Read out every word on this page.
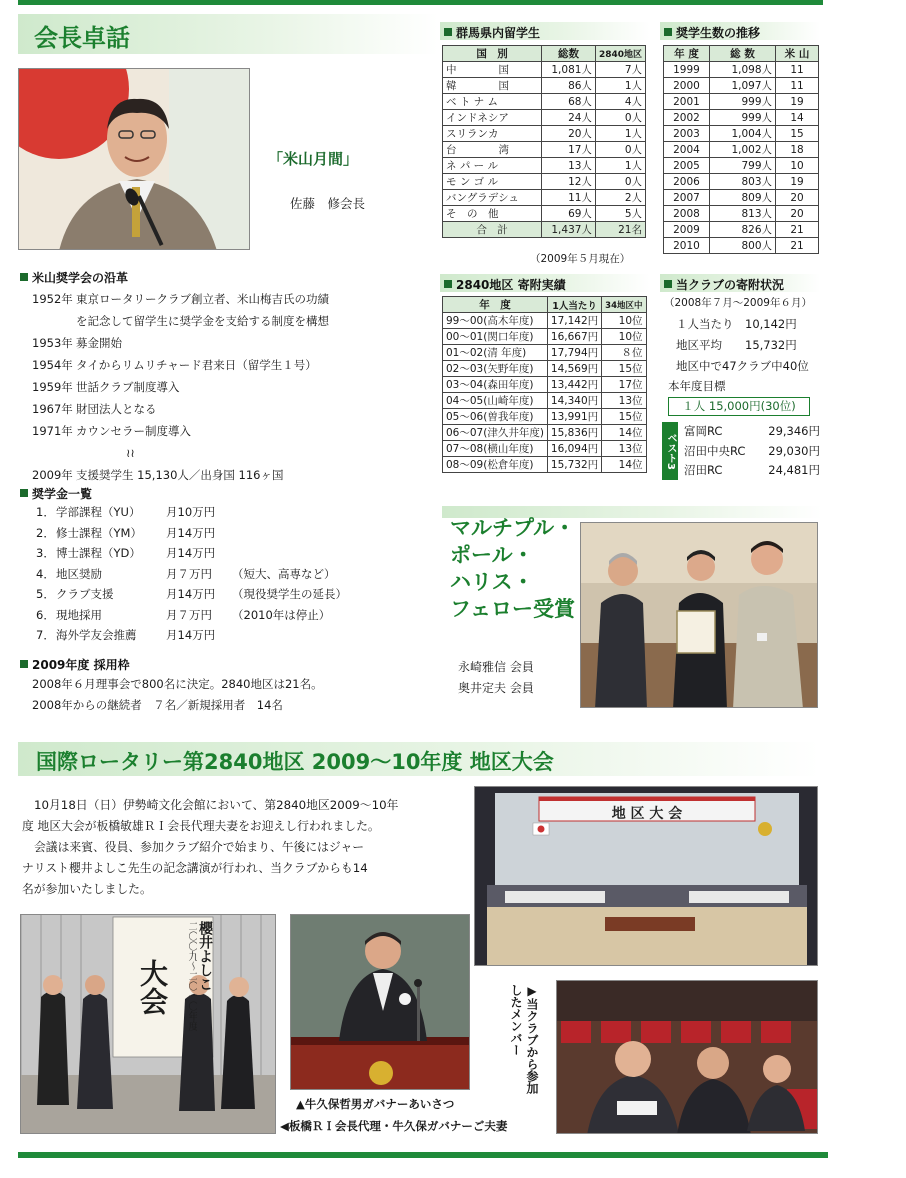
会長卓話
「米山月間」
佐藤　修会長
米山奨学会の沿革
1952年 東京ロータリークラブ創立者、米山梅吉氏の功績
を記念して留学生に奨学金を支給する制度を構想
1953年 募金開始
1954年 タイからリムリチャード君来日（留学生１号）
1959年 世話クラブ制度導入
1967年 財団法人となる
1971年 カウンセラー制度導入
≀≀
2009年 支援奨学生 15,130人／出身国 116ヶ国
奨学金一覧
1． 学部課程（YU）	月10万円
2． 修士課程（YM）	月14万円
3． 博士課程（YD）	月14万円
4． 地区奨励	月７万円	（短大、高専など）
5． クラブ支援	月14万円	（現役奨学生の延長）
6． 現地採用	月７万円	（2010年は停止）
7． 海外学友会推薦	月14万円
2009年度 採用枠
2008年６月理事会で800名に決定。2840地区は21名。
2008年からの継続者　７名／新規採用者　14名
群馬県内留学生
国　別	総数	2840地区
中　　　　国	1,081人	7人
韓　　　　国	86人	1人
ベ ト ナ ム	68人	4人
インドネシア	24人	0人
スリランカ	20人	1人
台　　　　湾	17人	0人
ネ パ ー ル	13人	1人
モ ン ゴ ル	12人	0人
バングラデシュ	11人	2人
そ　の　他	69人	5人
合　計	1,437人	21名
（2009年５月現在）
奨学生数の推移
年 度	総 数	米 山
1999	1,098人	11
2000	1,097人	11
2001	999人	19
2002	999人	14
2003	1,004人	15
2004	1,002人	18
2005	799人	10
2006	803人	19
2007	809人	20
2008	813人	20
2009	826人	21
2010	800人	21
2840地区 寄附実績
年　度	1人当たり	34地区中
99～00(高木年度)	17,142円	10位
00～01(関口年度)	16,667円	10位
01～02(清 年度)	17,794円	８位
02～03(矢野年度)	14,569円	15位
03～04(森田年度)	13,442円	17位
04～05(山崎年度)	14,340円	13位
05～06(曽我年度)	13,991円	15位
06～07(津久井年度)	15,836円	14位
07～08(横山年度)	16,094円	13位
08～09(松倉年度)	15,732円	14位
当クラブの寄附状況
（2008年７月～2009年６月）
１人当たり　 10,142円
地区平均　　 15,732円
地区中で47クラブ中40位
本年度目標
１人 15,000円(30位)
ベスト3
富岡RC	29,346円
沼田中央RC 29,030円
沼田RC	24,481円
マルチプル・
ポール・
ハリス・
フェロー受賞
永崎雅信 会員
奥井定夫 会員
国際ロータリー第2840地区 2009～10年度 地区大会
10月18日（日）伊勢崎文化会館において、第2840地区2009～10年
度 地区大会が板橋敏雄ＲＩ会長代理夫妻をお迎えし行われました。
会議は来賓、役員、参加クラブ紹介で始まり、午後にはジャー
ナリスト櫻井よしこ先生の記念講演が行われ、当クラブからも14
名が参加いたしました。
地 区 大 会
大会 二〇〇九～二〇一〇年度 櫻井よしこ
▶当クラブから参加したメンバー
▲牛久保哲男ガバナーあいさつ
◀板橋ＲＩ会長代理・牛久保ガバナーご夫妻
